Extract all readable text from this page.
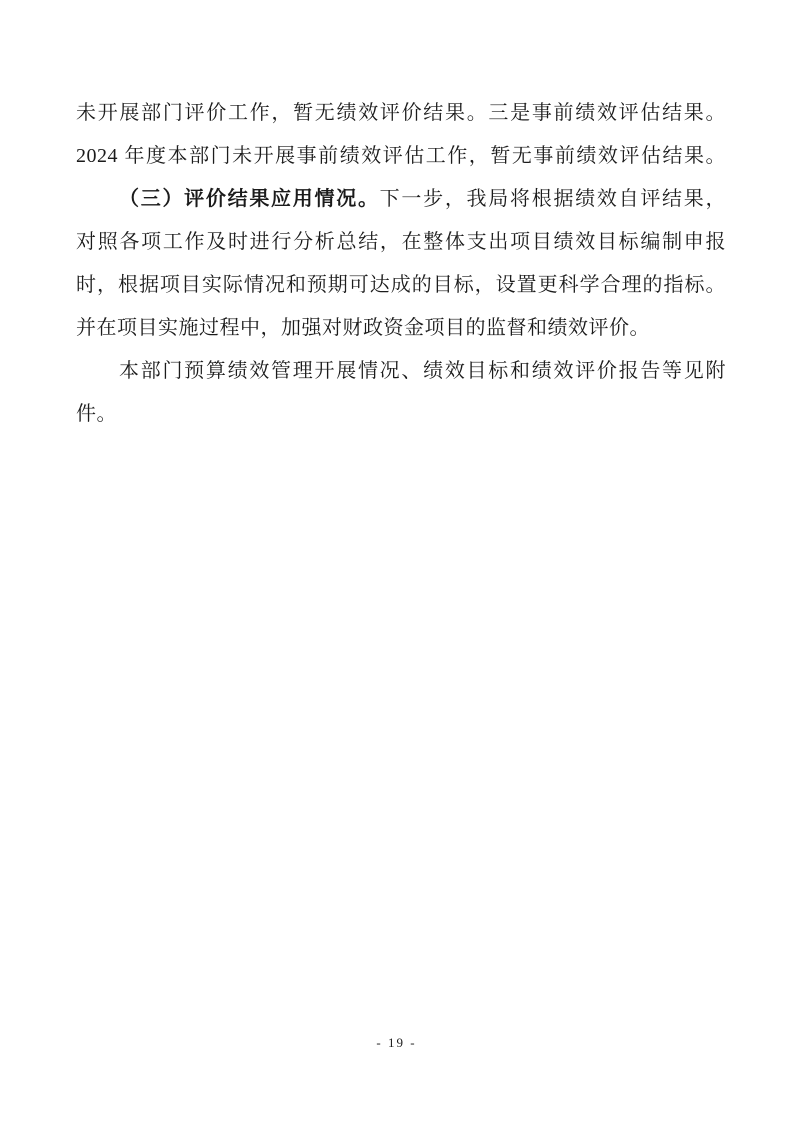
未开展部门评价工作，暂无绩效评价结果。三是事前绩效评估结果。
2024 年度本部门未开展事前绩效评估工作，暂无事前绩效评估结果。
（三）评价结果应用情况。下一步，我局将根据绩效自评结果，
对照各项工作及时进行分析总结，在整体支出项目绩效目标编制申报
时，根据项目实际情况和预期可达成的目标，设置更科学合理的指标。
并在项目实施过程中，加强对财政资金项目的监督和绩效评价。
本部门预算绩效管理开展情况、绩效目标和绩效评价报告等见附
件。
- 19 -
